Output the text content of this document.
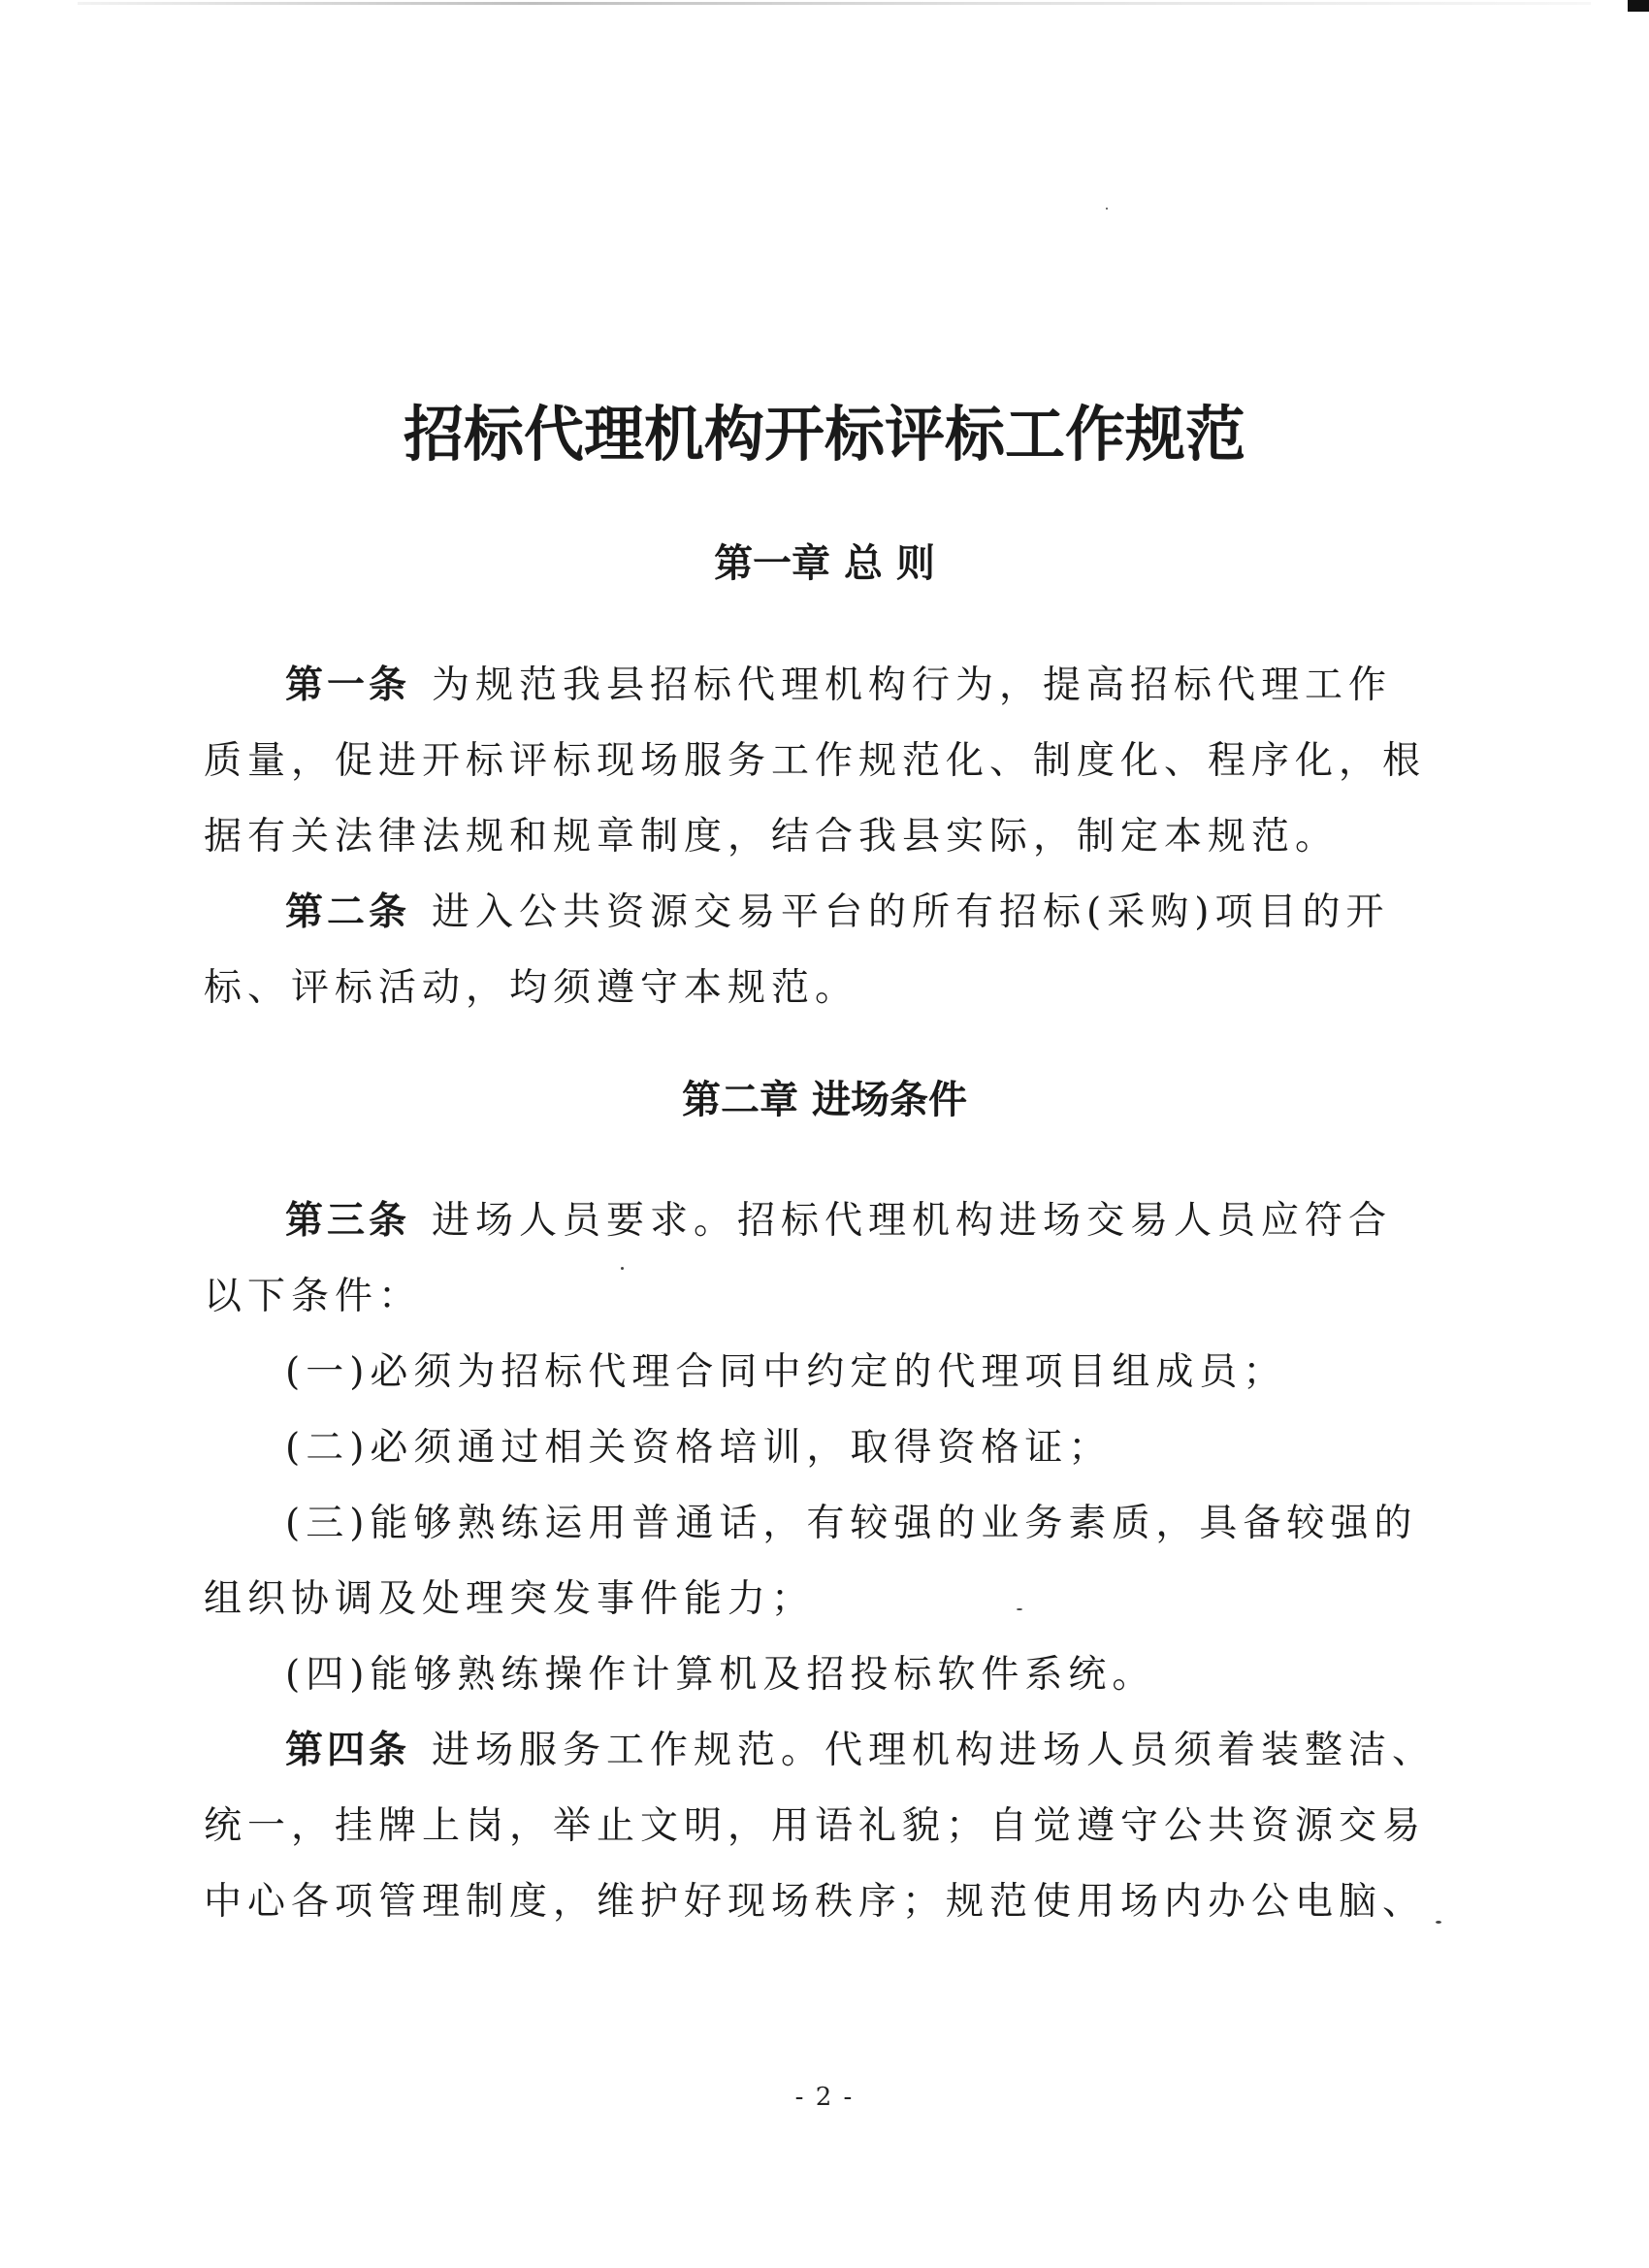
招标代理机构开标评标工作规范
第一章 总 则
第一条 为规范我县招标代理机构行为，提高招标代理工作
质量，促进开标评标现场服务工作规范化、制度化、程序化，根
据有关法律法规和规章制度，结合我县实际，制定本规范。
第二条 进入公共资源交易平台的所有招标(采购)项目的开
标、评标活动，均须遵守本规范。
第二章 进场条件
第三条 进场人员要求。招标代理机构进场交易人员应符合
以下条件：
(一)必须为招标代理合同中约定的代理项目组成员；
(二)必须通过相关资格培训，取得资格证；
(三)能够熟练运用普通话，有较强的业务素质，具备较强的
组织协调及处理突发事件能力；
(四)能够熟练操作计算机及招投标软件系统。
第四条 进场服务工作规范。代理机构进场人员须着装整洁、
统一，挂牌上岗，举止文明，用语礼貌；自觉遵守公共资源交易
中心各项管理制度，维护好现场秩序；规范使用场内办公电脑、
- 2 -
